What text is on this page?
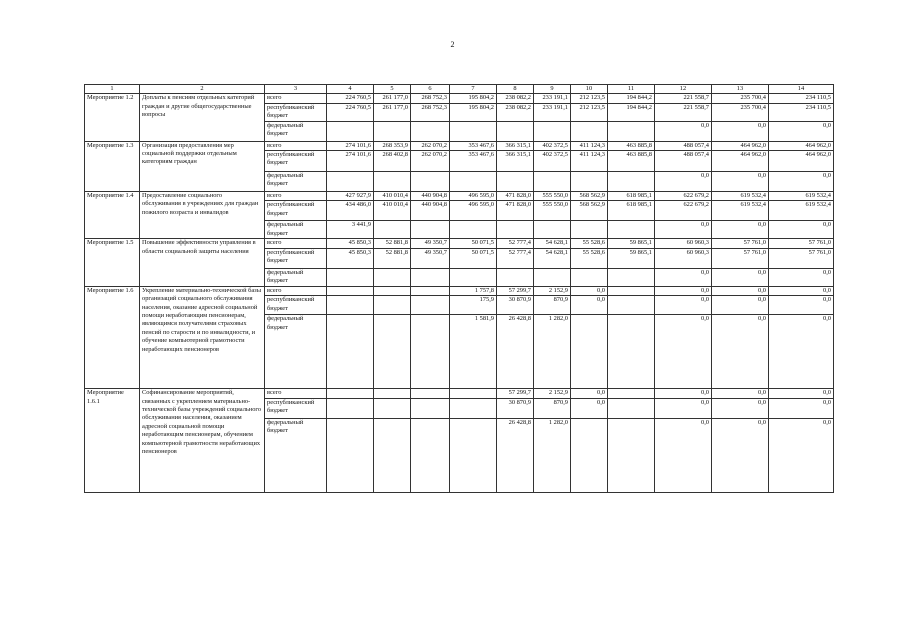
2
1	2	3	4	5	6	7	8	9	10	11	12	13	14
Мероприятие 1.2	Доплаты к пенсиям отдельных категорий граждан и другие общегосударственные вопросы	всего	224 760,5	261 177,0	268 752,3	195 804,2	238 082,2	233 191,1	212 123,5	194 844,2	221 558,7	235 700,4	234 110,5
		республиканский бюджет	224 760,5	261 177,0	268 752,3	195 804,2	238 082,2	233 191,1	212 123,5	194 844,2	221 558,7	235 700,4	234 110,5
		федеральный бюджет									0,0	0,0	0,0
Мероприятие 1.3	Организация предоставления мер социальной поддержки отдельным категориям граждан	всего	274 101,6	268 353,9	262 070,2	353 467,6	366 315,1	402 372,5	411 124,3	463 885,8	488 057,4	464 962,0	464 962,0
		республиканский бюджет	274 101,6	268 402,8	262 070,2	353 467,6	366 315,1	402 372,5	411 124,3	463 885,8	488 057,4	464 962,0	464 962,0
		федеральный бюджет									0,0	0,0	0,0
Мероприятие 1.4	Предоставление социального обслуживания в учреждениях для граждан пожилого возраста и инвалидов	всего	427 927,9	410 010,4	440 904,8	496 595,0	471 828,0	555 550,0	568 562,9	618 985,1	622 679,2	619 532,4	619 532,4
		республиканский бюджет	434 486,0	410 010,4	440 904,8	496 595,0	471 828,0	555 550,0	568 562,9	618 985,1	622 679,2	619 532,4	619 532,4
		федеральный бюджет	3 441,9								0,0	0,0	0,0
Мероприятие 1.5	Повышение эффективности управления в области социальной защиты населения	всего	45 850,3	52 881,8	49 350,7	50 071,5	52 777,4	54 628,1	55 528,6	59 865,1	60 960,3	57 761,0	57 761,0
		республиканский бюджет	45 850,3	52 881,8	49 350,7	50 071,5	52 777,4	54 628,1	55 528,6	59 865,1	60 960,3	57 761,0	57 761,0
		федеральный бюджет									0,0	0,0	0,0
Мероприятие 1.6	Укрепление материально-технической базы организаций социального обслуживания населения, оказание адресной социальной помощи неработающим пенсионерам, являющимся получателями страховых пенсий по старости и по инвалидности, и обучение компьютерной грамотности неработающих пенсионеров	всего				1 757,8	57 299,7	2 152,9	0,0		0,0	0,0	0,0
		республиканский бюджет				175,9	30 870,9	870,9	0,0		0,0	0,0	0,0
		федеральный бюджет				1 581,9	26 428,8	1 282,0			0,0	0,0	0,0
Мероприятие 1.6.1	Софинансирование мероприятий, связанных с укреплением материально-технической базы учреждений социального обслуживания населения, оказанием адресной социальной помощи неработающим пенсионерам, обучением компьютерной грамотности неработающих пенсионеров	всего					57 299,7	2 152,9	0,0		0,0	0,0	0,0
		республиканский бюджет					30 870,9	870,9	0,0		0,0	0,0	0,0
		федеральный бюджет					26 428,8	1 282,0			0,0	0,0	0,0
